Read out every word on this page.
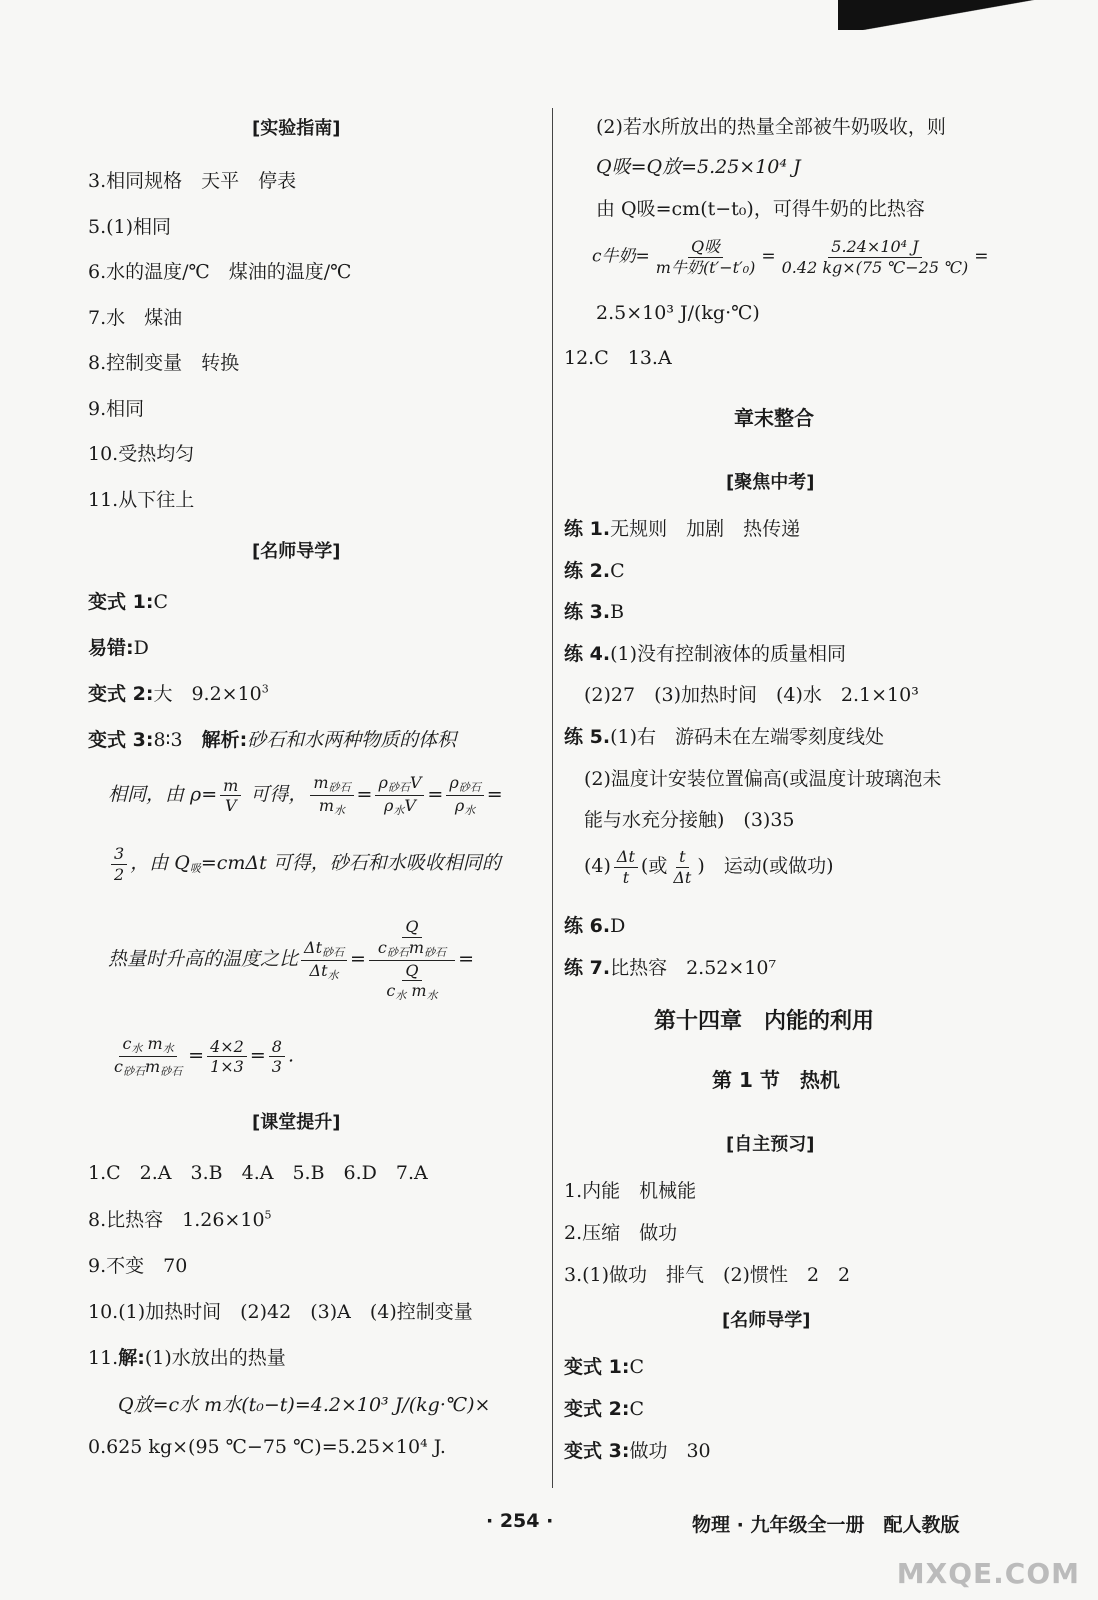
[实验指南]
3.相同规格　天平　停表
5.(1)相同
6.水的温度/℃　煤油的温度/℃
7.水　煤油
8.控制变量　转换
9.相同
10.受热均匀
11.从下往上
[名师导学]
变式 1:C
易错:D
变式 2:大　$9.2\times 10^3$
变式 3:8∶3　解析:砂石和水两种物质的体积
相同，由 $\rho= \frac{m}{V}$ 可得， $\frac{m_{砂石}}{m_水} = \frac{\rho_{砂石}V}{\rho_水V} = \frac{\rho_{砂石}}{\rho_水}$ =
$\frac{3}{2}$ ，由 $Q_吸=cm\Delta t$ 可得，砂石和水吸收相同的
热量时升高的温度之比 $\frac{\Delta t_{砂石}}{\Delta t_水} = \frac{\frac{Q}{c_{砂石}m_{砂石}}}{\frac{Q}{c_水 m_水}}$ =
$\frac{c_水 m_水}{c_{砂石}m_{砂石}} = \frac{4\times 2}{1\times 3} = \frac{8}{3}$ .
[课堂提升]
1.C　2.A　3.B　4.A　5.B　6.D　7.A
8.比热容　$1.26\times 10^5$
9.不变　70
10.(1)加热时间　(2)42　(3)A　(4)控制变量
11.解:(1)水放出的热量
Q放=c水 m水(t₀−t)=4.2×10³ J/(kg·℃)×
0.625 kg×(95 ℃−75 ℃)=5.25×10⁴ J.
(2)若水所放出的热量全部被牛奶吸收，则
Q吸=Q放=5.25×10⁴ J
由 Q吸=cm(t−t₀)，可得牛奶的比热容
c牛奶= $\frac{\text{Q吸}}{\text{m牛奶(t′−t′₀)}} = \frac{\text{5.24×10⁴ J}}{0.42 kg\times(75 ℃-25 ℃)}$ =
2.5×10³ J/(kg·℃)
12.C　13.A
章末整合
[聚焦中考]
练 1.无规则　加剧　热传递
练 2.C
练 3.B
练 4.(1)没有控制液体的质量相同
(2)27　(3)加热时间　(4)水　2.1×10³
练 5.(1)右　游码未在左端零刻度线处
(2)温度计安装位置偏高(或温度计玻璃泡未
能与水充分接触)　(3)35
$(4) \frac{\Delta t}{t}$ (或 $\frac{t}{\Delta t}$ )　运动(或做功)
练 6.D
练 7.比热容　2.52×10⁷
第十四章　内能的利用
第 1 节　热机
[自主预习]
1.内能　机械能
2.压缩　做功
3.(1)做功　排气　(2)惯性　2　2
[名师导学]
变式 1:C
变式 2:C
变式 3:做功　30
· 254 ·	物理 · 九年级全一册　配人教版
MXQE.COM
